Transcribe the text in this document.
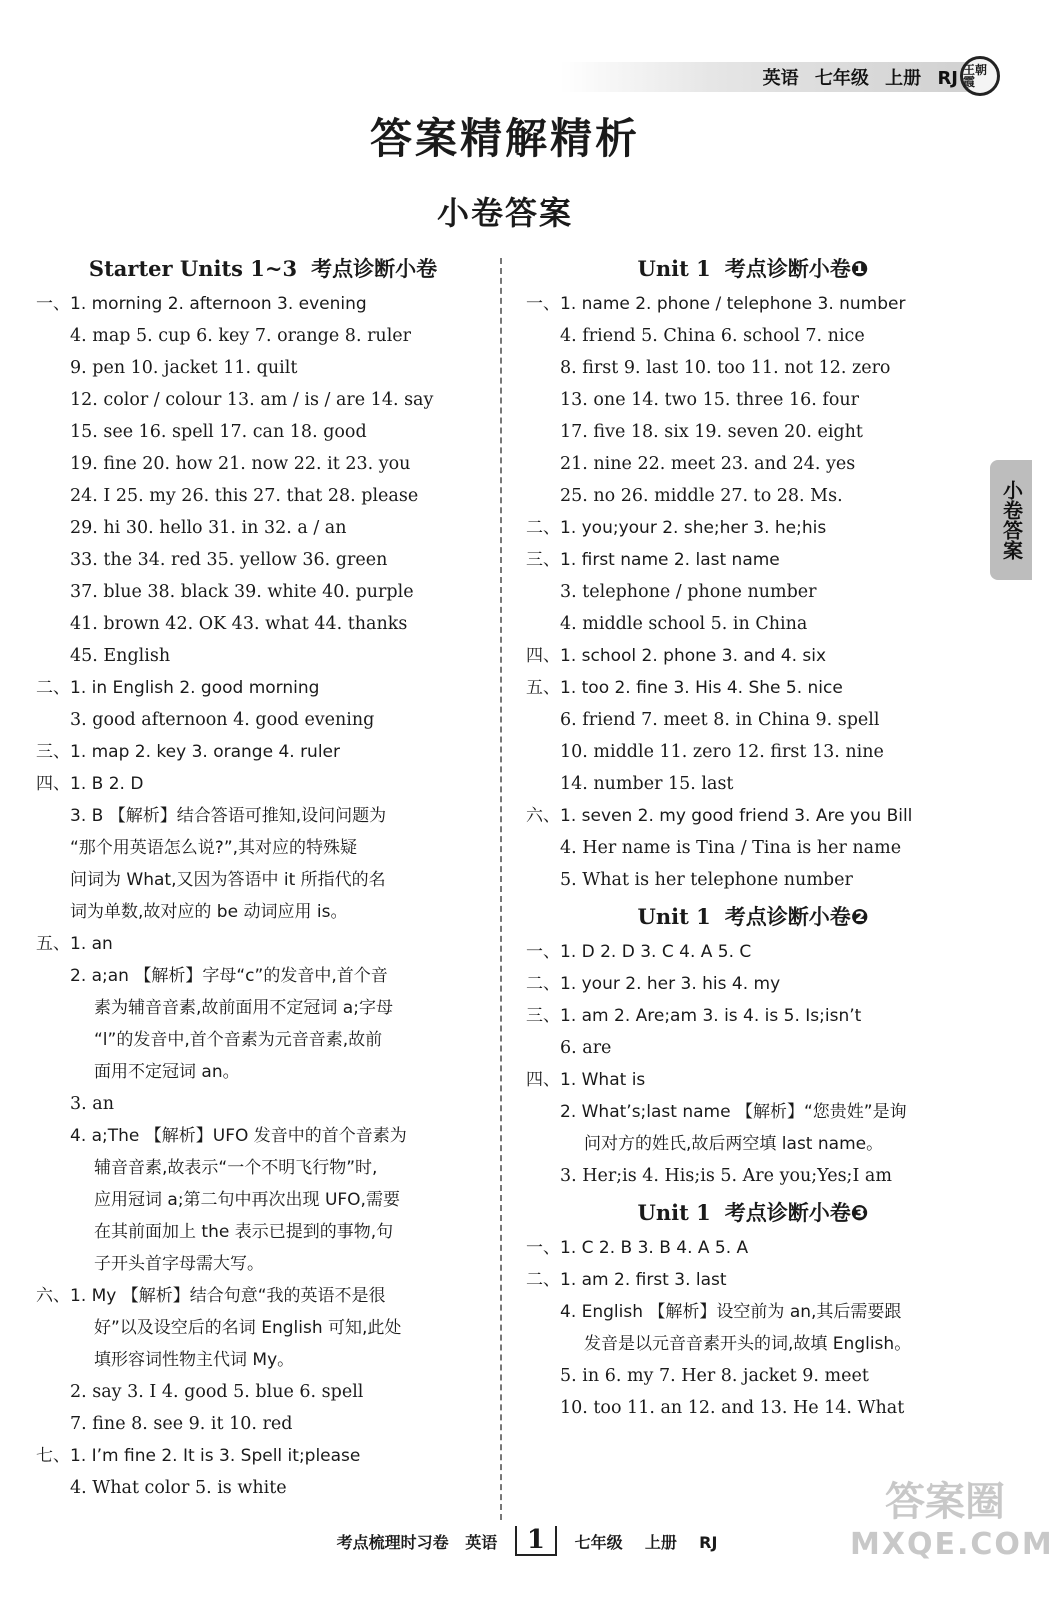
英语 七年级 上册 RJ 王朝霞
答案精解精析
小卷答案
小卷答案
Starter Units 1~3 考点诊断小卷
一、1. morning 2. afternoon 3. evening
4. map 5. cup 6. key 7. orange 8. ruler
9. pen 10. jacket 11. quilt
12. color / colour 13. am / is / are 14. say
15. see 16. spell 17. can 18. good
19. fine 20. how 21. now 22. it 23. you
24. I 25. my 26. this 27. that 28. please
29. hi 30. hello 31. in 32. a / an
33. the 34. red 35. yellow 36. green
37. blue 38. black 39. white 40. purple
41. brown 42. OK 43. what 44. thanks
45. English
二、1. in English 2. good morning
3. good afternoon 4. good evening
三、1. map 2. key 3. orange 4. ruler
四、1. B 2. D
3. B 【解析】结合答语可推知,设问问题为
“那个用英语怎么说?”,其对应的特殊疑
问词为 What,又因为答语中 it 所指代的名
词为单数,故对应的 be 动词应用 is。
五、1. an
2. a;an 【解析】字母“c”的发音中,首个音
素为辅音音素,故前面用不定冠词 a;字母
“l”的发音中,首个音素为元音音素,故前
面用不定冠词 an。
3. an
4. a;The 【解析】UFO 发音中的首个音素为
辅音音素,故表示“一个不明飞行物”时,
应用冠词 a;第二句中再次出现 UFO,需要
在其前面加上 the 表示已提到的事物,句
子开头首字母需大写。
六、1. My 【解析】结合句意“我的英语不是很
好”以及设空后的名词 English 可知,此处
填形容词性物主代词 My。
2. say 3. I 4. good 5. blue 6. spell
7. fine 8. see 9. it 10. red
七、1. I’m fine 2. It is 3. Spell it;please
4. What color 5. is white
Unit 1 考点诊断小卷❶
一、1. name 2. phone / telephone 3. number
4. friend 5. China 6. school 7. nice
8. first 9. last 10. too 11. not 12. zero
13. one 14. two 15. three 16. four
17. five 18. six 19. seven 20. eight
21. nine 22. meet 23. and 24. yes
25. no 26. middle 27. to 28. Ms.
二、1. you;your 2. she;her 3. he;his
三、1. first name 2. last name
3. telephone / phone number
4. middle school 5. in China
四、1. school 2. phone 3. and 4. six
五、1. too 2. fine 3. His 4. She 5. nice
6. friend 7. meet 8. in China 9. spell
10. middle 11. zero 12. first 13. nine
14. number 15. last
六、1. seven 2. my good friend 3. Are you Bill
4. Her name is Tina / Tina is her name
5. What is her telephone number
Unit 1 考点诊断小卷❷
一、1. D 2. D 3. C 4. A 5. C
二、1. your 2. her 3. his 4. my
三、1. am 2. Are;am 3. is 4. is 5. Is;isn’t
6. are
四、1. What is
2. What’s;last name 【解析】“您贵姓”是询
问对方的姓氏,故后两空填 last name。
3. Her;is 4. His;is 5. Are you;Yes;I am
Unit 1 考点诊断小卷❸
一、1. C 2. B 3. B 4. A 5. A
二、1. am 2. first 3. last
4. English 【解析】设空前为 an,其后需要跟
发音是以元音音素开头的词,故填 English。
5. in 6. my 7. Her 8. jacket 9. meet
10. too 11. an 12. and 13. He 14. What
考点梳理时习卷 英语 1 七年级 上册 RJ
答案圈
MXQE.COM
